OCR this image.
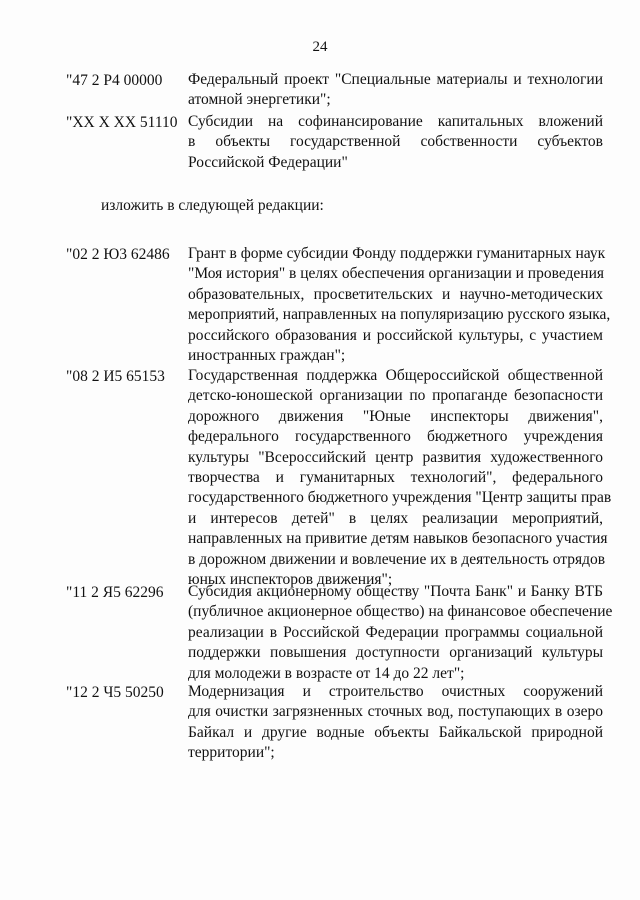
24
"47 2 Р4 00000 Федеральный проект "Специальные материалы и технологии
атомной энергетики";
"XX X XX 51110 Субсидии на софинансирование капитальных вложений
в объекты государственной собственности субъектов
Российской Федерации"
изложить в следующей редакции:
"02 2 Ю3 62486 Грант в форме субсидии Фонду поддержки гуманитарных наук
"Моя история" в целях обеспечения организации и проведения
образовательных, просветительских и научно-методических
мероприятий, направленных на популяризацию русского языка,
российского образования и российской культуры, с участием
иностранных граждан";
"08 2 И5 65153 Государственная поддержка Общероссийской общественной
детско-юношеской организации по пропаганде безопасности
дорожного движения "Юные инспекторы движения",
федерального государственного бюджетного учреждения
культуры "Всероссийский центр развития художественного
творчества и гуманитарных технологий", федерального
государственного бюджетного учреждения "Центр защиты прав
и интересов детей" в целях реализации мероприятий,
направленных на привитие детям навыков безопасного участия
в дорожном движении и вовлечение их в деятельность отрядов
юных инспекторов движения";
"11 2 Я5 62296 Субсидия акционерному обществу "Почта Банк" и Банку ВТБ
(публичное акционерное общество) на финансовое обеспечение
реализации в Российской Федерации программы социальной
поддержки повышения доступности организаций культуры
для молодежи в возрасте от 14 до 22 лет";
"12 2 Ч5 50250 Модернизация и строительство очистных сооружений
для очистки загрязненных сточных вод, поступающих в озеро
Байкал и другие водные объекты Байкальской природной
территории";
